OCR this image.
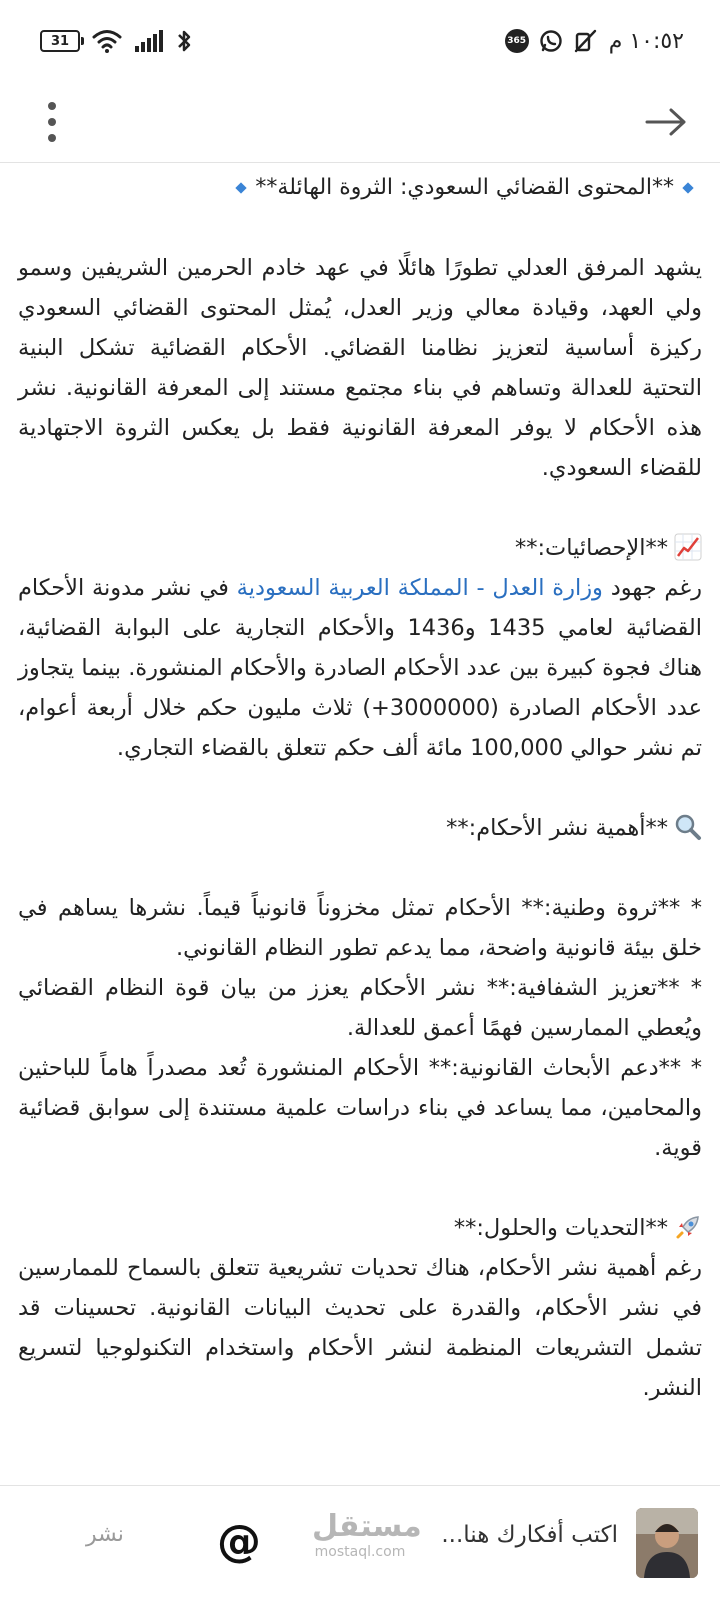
31	365	١٠:٥٢ م

**المحتوى القضائي السعودي: الثروة الهائلة**

يشهد المرفق العدلي تطورًا هائلًا في عهد خادم الحرمين الشريفين وسمو ولي العهد، وقيادة معالي وزير العدل، يُمثل المحتوى القضائي السعودي ركيزة أساسية لتعزيز نظامنا القضائي. الأحكام القضائية تشكل البنية التحتية للعدالة وتساهم في بناء مجتمع مستند إلى المعرفة القانونية. نشر هذه الأحكام لا يوفر المعرفة القانونية فقط بل يعكس الثروة الاجتهادية للقضاء السعودي.

**الإحصائيات:**

رغم جهود وزارة العدل - المملكة العربية السعودية في نشر مدونة الأحكام القضائية لعامي 1435 و1436 والأحكام التجارية على البوابة القضائية، هناك فجوة كبيرة بين عدد الأحكام الصادرة والأحكام المنشورة. بينما يتجاوز عدد الأحكام الصادرة (3000000+) ثلاث مليون حكم خلال أربعة أعوام، تم نشر حوالي 100,000 مائة ألف حكم تتعلق بالقضاء التجاري.

**أهمية نشر الأحكام:**

* **ثروة وطنية:** الأحكام تمثل مخزوناً قانونياً قيماً. نشرها يساهم في خلق بيئة قانونية واضحة، مما يدعم تطور النظام القانوني.

* **تعزيز الشفافية:** نشر الأحكام يعزز من بيان قوة النظام القضائي ويُعطي الممارسين فهمًا أعمق للعدالة.

* **دعم الأبحاث القانونية:** الأحكام المنشورة تُعد مصدراً هاماً للباحثين والمحامين، مما يساعد في بناء دراسات علمية مستندة إلى سوابق قضائية قوية.

**التحديات والحلول:**

رغم أهمية نشر الأحكام، هناك تحديات تشريعية تتعلق بالسماح للممارسين في نشر الأحكام، والقدرة على تحديث البيانات القانونية. تحسينات قد تشمل التشريعات المنظمة لنشر الأحكام واستخدام التكنولوجيا لتسريع النشر.

اكتب أفكارك هنا...
مستقل
mostaql.com
@
نشر
